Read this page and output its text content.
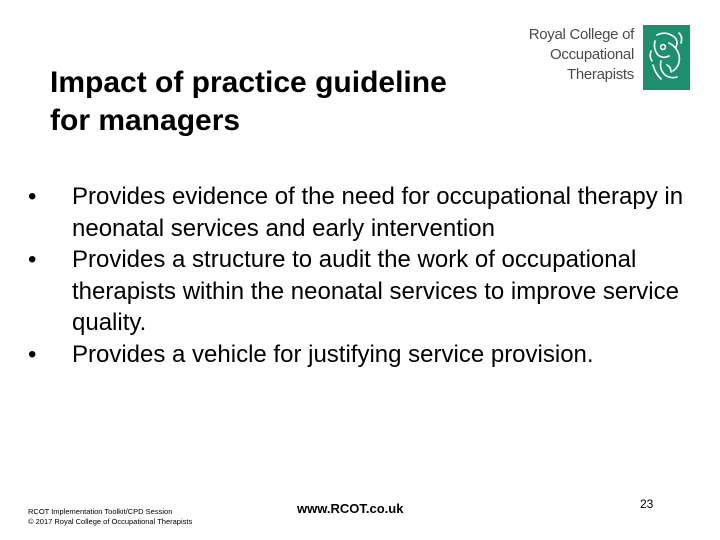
Impact of practice guideline
for managers
Royal College of
Occupational
Therapists
•	Provides evidence of the need for occupational therapy in neonatal services and early intervention
•	Provides a structure to audit the work of occupational therapists within the neonatal services to improve service quality.
•	Provides a vehicle for justifying service provision.
RCOT Implementation Toolkit/CPD Session
© 2017 Royal College of Occupational Therapists
www.RCOT.co.uk	23
